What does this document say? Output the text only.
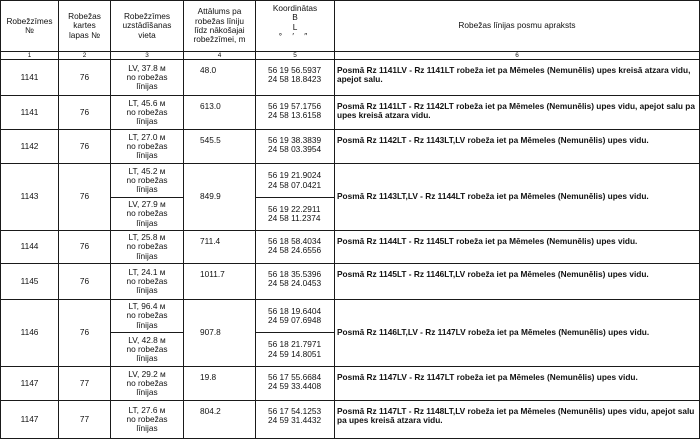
Robežzīmes
№	Robežas
kartes
lapas №	Robežzīmes
uzstādīšanas
vieta	Attālums pa
robežas līniju
līdz nākošajai
robežzīmei, m	Koordinātas
B
L
° ′ ″	Robežas līnijas posmu apraksts

1	2	3	4	5	6
1141	76	LV, 37.8 м
no robežas
līnijas	48.0	56 19 56.5937
24 58 18.8423	Posmā Rz 1141LV - Rz 1141LT robeža iet pa Mēmeles (Nemunēlis) upes kreisā atzara vidu, apejot salu.
1141	76	LT, 45.6 м
no robežas
līnijas	613.0	56 19 57.1756
24 58 13.6158	Posmā Rz 1141LT - Rz 1142LT robeža iet pa Mēmeles (Nemunēlis) upes vidu, apejot salu pa upes kreisā atzara vidu.
1142	76	LT, 27.0 м
no robežas
līnijas	545.5	56 19 38.3839
24 58 03.3954	Posmā Rz 1142LT - Rz 1143LT,LV robeža iet pa Mēmeles (Nemunēlis) upes vidu.
1143	76	LT, 45.2 м
no robežas
līnijas	849.9	56 19 21.9024
24 58 07.0421	Posmā Rz 1143LT,LV - Rz 1144LT robeža iet pa Mēmeles (Nemunēlis) upes vidu.

		LV, 27.9 м
no robežas
līnijas		56 19 22.2911
24 58 11.2374	

1144	76	LT, 25.8 м
no robežas
līnijas	711.4	56 18 58.4034
24 58 24.6556	Posmā Rz 1144LT - Rz 1145LT robeža iet pa Mēmeles (Nemunēlis) upes vidu.
1145	76	LT, 24.1 м
no robežas
līnijas	1011.7	56 18 35.5396
24 58 24.0453	Posmā Rz 1145LT - Rz 1146LT,LV robeža iet pa Mēmeles (Nemunēlis) upes vidu.
1146	76	LT, 96.4 м
no robežas
līnijas	907.8	56 18 19.6404
24 59 07.6948	Posmā Rz 1146LT,LV - Rz 1147LV robeža iet pa Mēmeles (Nemunēlis) upes vidu.

		LV, 42.8 м
no robežas
līnijas		56 18 21.7971
24 59 14.8051	

1147	77	LV, 29.2 м
no robežas
līnijas	19.8	56 17 55.6684
24 59 33.4408	Posmā Rz 1147LV - Rz 1147LT robeža iet pa Mēmeles (Nemunēlis) upes vidu.
1147	77	LT, 27.6 м
no robežas
līnijas	804.2	56 17 54.1253
24 59 31.4432	Posmā Rz 1147LT - Rz 1148LT,LV robeža iet pa Mēmeles (Nemunēlis) upes vidu, apejot salu pa upes kreisā atzara vidu.
